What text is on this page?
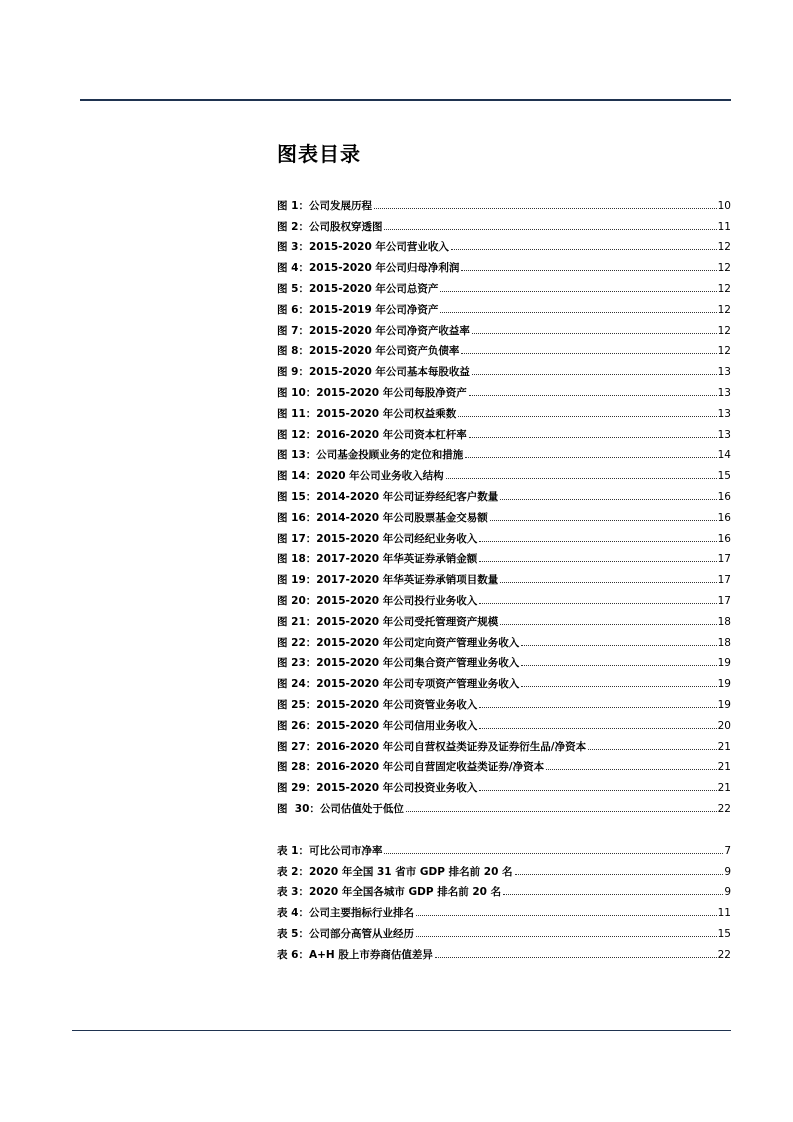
图表目录
图 1： 公司发展历程	10
图 2： 公司股权穿透图	11
图 3： 2015-2020 年公司营业收入	12
图 4： 2015-2020 年公司归母净利润	12
图 5： 2015-2020 年公司总资产	12
图 6： 2015-2019 年公司净资产	12
图 7： 2015-2020 年公司净资产收益率	12
图 8： 2015-2020 年公司资产负债率	12
图 9： 2015-2020 年公司基本每股收益	13
图 10： 2015-2020 年公司每股净资产	13
图 11： 2015-2020 年公司权益乘数	13
图 12： 2016-2020 年公司资本杠杆率	13
图 13： 公司基金投顾业务的定位和措施	14
图 14： 2020 年公司业务收入结构	15
图 15： 2014-2020 年公司证券经纪客户数量	16
图 16： 2014-2020 年公司股票基金交易额	16
图 17： 2015-2020 年公司经纪业务收入	16
图 18： 2017-2020 年华英证券承销金额	17
图 19： 2017-2020 年华英证券承销项目数量	17
图 20： 2015-2020 年公司投行业务收入	17
图 21： 2015-2020 年公司受托管理资产规模	18
图 22： 2015-2020 年公司定向资产管理业务收入	18
图 23： 2015-2020 年公司集合资产管理业务收入	19
图 24： 2015-2020 年公司专项资产管理业务收入	19
图 25： 2015-2020 年公司资管业务收入	19
图 26： 2015-2020 年公司信用业务收入	20
图 27： 2016-2020 年公司自营权益类证券及证券衍生品/净资本	21
图 28： 2016-2020 年公司自营固定收益类证券/净资本	21
图 29： 2015-2020 年公司投资业务收入	21
图  30： 公司估值处于低位	22
表 1： 可比公司市净率	7
表 2： 2020 年全国 31 省市 GDP 排名前 20 名	9
表 3： 2020 年全国各城市 GDP 排名前 20 名	9
表 4： 公司主要指标行业排名	11
表 5： 公司部分高管从业经历	15
表 6： A+H 股上市券商估值差异	22
